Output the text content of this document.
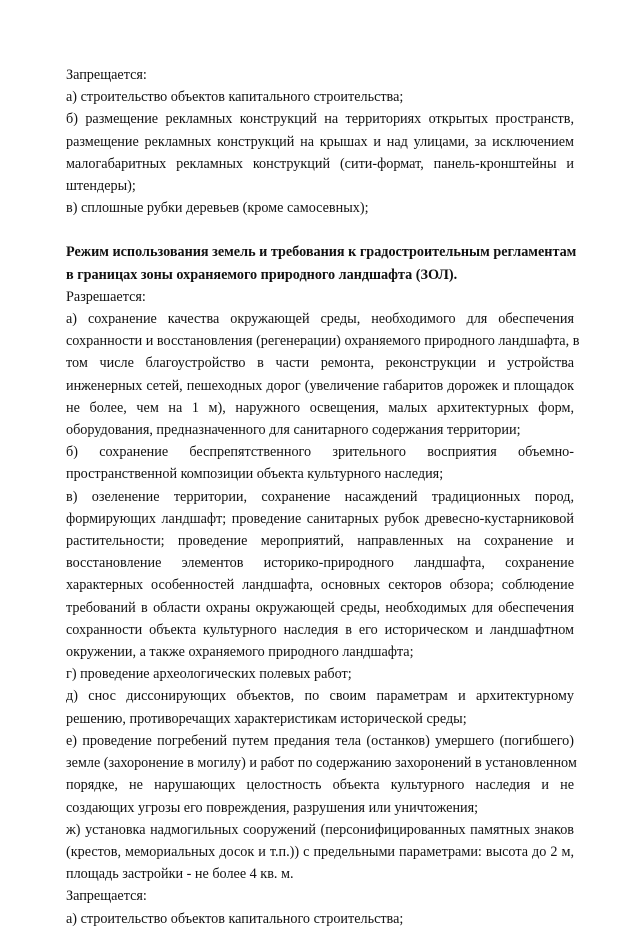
Запрещается:
а) строительство объектов капитального строительства;
б) размещение рекламных конструкций на территориях открытых пространств,
размещение рекламных конструкций на крышах и над улицами, за исключением
малогабаритных рекламных конструкций (сити-формат, панель-кронштейны и
штендеры);
в) сплошные рубки деревьев (кроме самосевных);
Режим использования земель и требования к градостроительным регламентам
в границах зоны охраняемого природного ландшафта (ЗОЛ).
Разрешается:
а) сохранение качества окружающей среды, необходимого для обеспечения
сохранности и восстановления (регенерации) охраняемого природного ландшафта, в
том числе благоустройство в части ремонта, реконструкции и устройства
инженерных сетей, пешеходных дорог (увеличение габаритов дорожек и площадок
не более, чем на 1 м), наружного освещения, малых архитектурных форм,
оборудования, предназначенного для санитарного содержания территории;
б) сохранение беспрепятственного зрительного восприятия объемно-
пространственной композиции объекта культурного наследия;
в) озеленение территории, сохранение насаждений традиционных пород,
формирующих ландшафт; проведение санитарных рубок древесно-кустарниковой
растительности; проведение мероприятий, направленных на сохранение и
восстановление элементов историко-природного ландшафта, сохранение
характерных особенностей ландшафта, основных секторов обзора; соблюдение
требований в области охраны окружающей среды, необходимых для обеспечения
сохранности объекта культурного наследия в его историческом и ландшафтном
окружении, а также охраняемого природного ландшафта;
г) проведение археологических полевых работ;
д) снос диссонирующих объектов, по своим параметрам и архитектурному
решению, противоречащих характеристикам исторической среды;
е) проведение погребений путем предания тела (останков) умершего (погибшего)
земле (захоронение в могилу) и работ по содержанию захоронений в установленном
порядке, не нарушающих целостность объекта культурного наследия и не
создающих угрозы его повреждения, разрушения или уничтожения;
ж) установка надмогильных сооружений (персонифицированных памятных знаков
(крестов, мемориальных досок и т.п.)) с предельными параметрами: высота до 2 м,
площадь застройки - не более 4 кв. м.
Запрещается:
а) строительство объектов капитального строительства;
